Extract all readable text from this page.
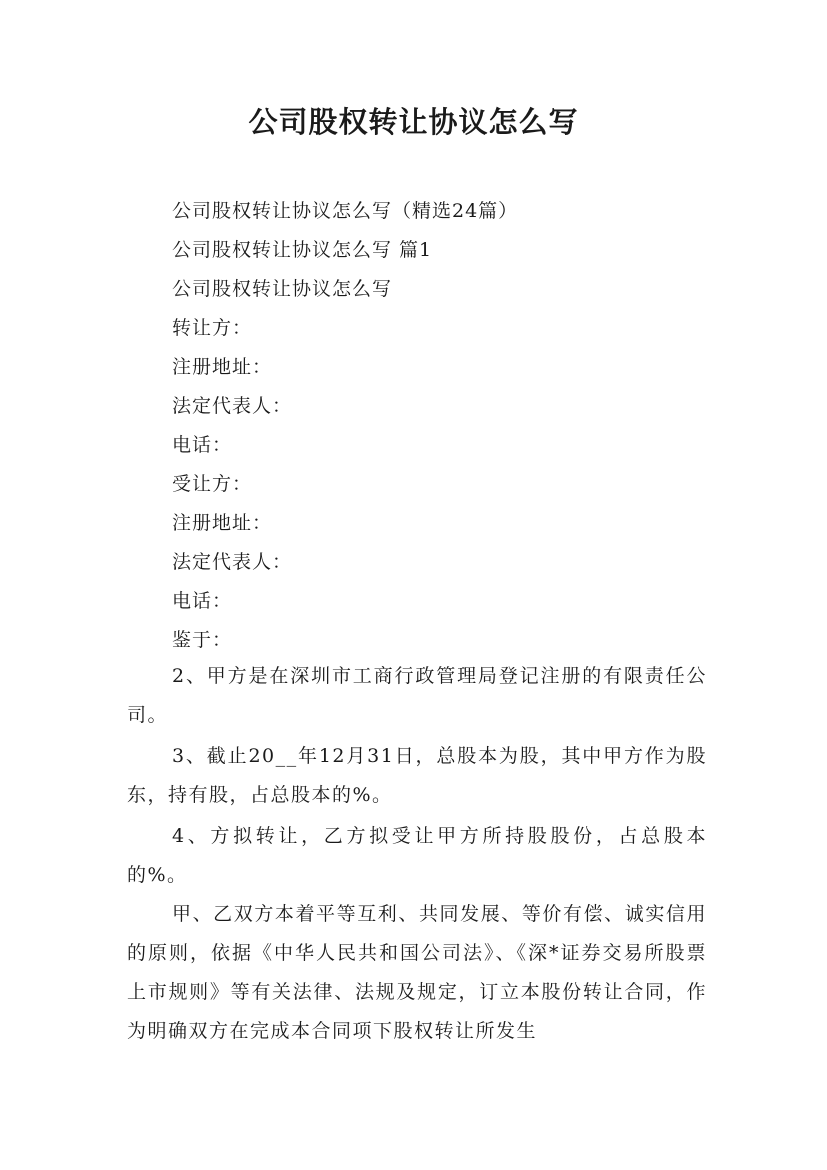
公司股权转让协议怎么写
公司股权转让协议怎么写（精选24篇）
公司股权转让协议怎么写 篇1
公司股权转让协议怎么写
转让方：
注册地址：
法定代表人：
电话：
受让方：
注册地址：
法定代表人：
电话：
鉴于：

2、甲方是在深圳市工商行政管理局登记注册的有限责任公司。

3、截止20__年12月31日，总股本为股，其中甲方作为股东，持有股，占总股本的%。

4、方拟转让，乙方拟受让甲方所持股股份，占总股本的%。

甲、乙双方本着平等互利、共同发展、等价有偿、诚实信用的原则，依据《中华人民共和国公司法》、《深*证券交易所股票上市规则》等有关法律、法规及规定，订立本股份转让合同，作为明确双方在完成本合同项下股权转让所发生
